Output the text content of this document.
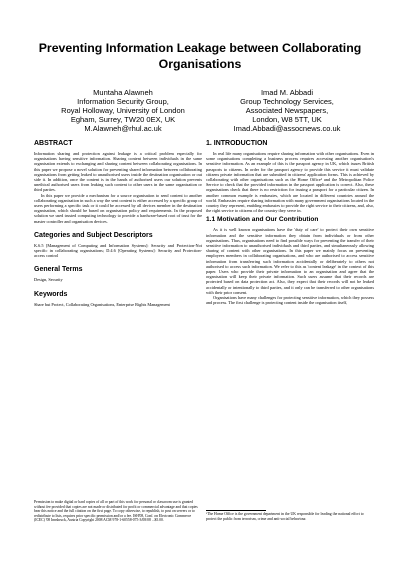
Preventing Information Leakage between Collaborating Organisations
Muntaha Alawneh
Information Security Group,
Royal Holloway, University of London
Egham, Surrey, TW20 0EX, UK
M.Alawneh@rhul.ac.uk
Imad M. Abbadi
Group Technology Services,
Associated Newspapers,
London, W8 5TT, UK
Imad.Abbadi@assocnews.co.uk
ABSTRACT

Information sharing and protection against leakage is a critical problem especially for organisations having sensitive information. Sharing content between individuals in the same organisation extends to exchanging and sharing content between collaborating organisations. In this paper we propose a novel solution for preventing shared information between collaborating organisations from getting leaked to unauthorised users inside the destination organisation or out side it. In addition, once the content is in the hands of authorised users our solution prevents unethical authorised users from leaking such content to other users in the same organisation or third parties.

In this paper we provide a mechanism for a source organisation to send content to another collaborating organisation in such a way the sent content is either accessed by a specific group of users performing a specific task or it could be accessed by all devices member in the destination organisation, which should be based on organisation policy and requirements. In the proposed solution we used trusted computing technology to provide a hardware-based root of trust for the master controller and organisation devices.

Categories and Subject Descriptors

K.6.5 [Management of Computing and Information Systems]: Security and Protection-Not specific in collaborating organisations; D.4.6 [Operating Systems]: Security and Protection-access control

General Terms

Design, Security

Keywords

Share but Protect, Collaborating Organisations, Enterprise Rights Management

Permission to make digital or hard copies of all or part of this work for personal or classroom use is granted without fee provided that copies are not made or distributed for profit or commercial advantage and that copies bear this notice and the full citation on the first page. To copy otherwise, to republish, to post on servers or to redistribute to lists, requires prior specific permission and/or a fee. ISH'08, Conf. on Electronic Commerce (ICEC) '08 Innsbruck, Austria Copyright 2008 ACM 978-1-60558-075-3/08/08 ...$5.00.
1. INTRODUCTION

In real life many organisations require sharing information with other organisations. Even in some organisations completing a business process requires accessing another organisation's sensitive information. As an example of this is the passport agency in UK, which issues British passports to citizens. In order for the passport agency to provide this service it must validate citizens private information that are submitted in citizens' application forms. This is achieved by collaborating with other organisations such as the Home Office¹ and the Metropolitan Police Service to check that the provided information in the passport application is correct. Also, these organisations check that there is no restriction for issuing a passport for a particular citizen. In another common example is embassies, which are located in different countries around the world. Embassies require sharing information with many government organisations located in the country they represent, enabling embassies to provide the right service to their citizens, and, also, the right service to citizens of the country they serve in.

1.1 Motivation and Our Contribution

As it is well known organisations have the 'duty of care' to protect their own sensitive information and the sensitive information they obtain from individuals or from other organisations. Thus, organisations need to find possible ways for preventing the transfer of their sensitive information to unauthorised individuals and third parties, and simultaneously allowing sharing of content with other organisations. In this paper we mainly focus on preventing employees members in collaborating organisations, and who are authorised to access sensitive information from transferring such information accidentally or deliberately to others not authorised to access such information. We refer to this as 'content leakage' in the context of this paper. Users who provide their private information to an organisation and agree that the organisation will keep their private information. Such users assume that their records are protected based on data protection act. Also, they expect that their records will not be leaked accidentally or intentionally to third parties, and it only can be transferred to other organisations with their prior consent.

Organisations have many challenges for protecting sensitive information, which they possess and process. The first challenge is protecting content inside the organisation itself,

¹The Home Office is the government department in the UK responsible for leading the national effort to protect the public from terrorism, crime and anti-social behaviour.
